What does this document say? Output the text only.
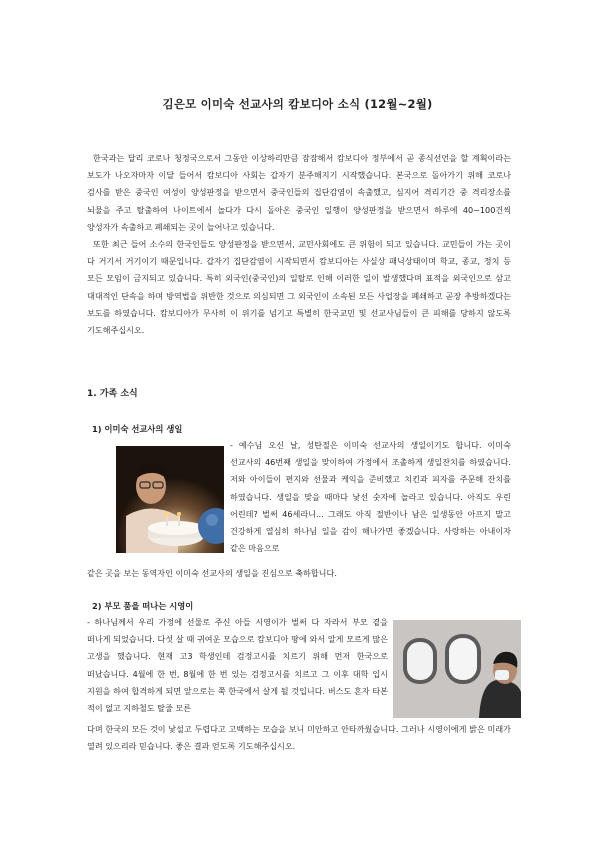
김은모 이미숙 선교사의 캄보디아 소식 (12월~2월)

한국과는 달리 코로나 청정국으로서 그동안 이상하리만큼 잠잠해서 캄보디아 정부에서 곧 종식선언을 할 계획이라는 보도가 나오자마자 이달 들어서 캄보디아 사회는 갑자기 분주해지기 시작했습니다. 본국으로 돌아가기 위해 코로나 검사를 받은 중국인 여성이 양성판정을 받으면서 중국인들의 집단감염이 속출했고, 심지어 격리기간 중 격리장소를 뇌물을 주고 탈출하여 나이트에서 놀다가 다시 돌아온 중국인 일행이 양성판정을 받으면서 하루에 40~100건씩 양성자가 속출하고 폐쇄되는 곳이 늘어나고 있습니다.

또한 최근 들어 소수의 한국인들도 양성판정을 받으면서, 교민사회에도 큰 위험이 되고 있습니다. 교민들이 가는 곳이 다 거기서 거기이기 때문입니다. 갑자기 집단감염이 시작되면서 캄보디아는 사실상 패닉상태이며 학교, 종교, 정치 등 모든 모임이 금지되고 있습니다. 특히 외국인(중국인)의 일탈로 인해 이러한 일이 발생했다며 표적을 외국인으로 삼고 대대적인 단속을 하며 방역법을 위반한 것으로 의심되면 그 외국인이 소속된 모든 사업장을 폐쇄하고 곧장 추방하겠다는 보도를 하였습니다. 캄보디아가 무사히 이 위기를 넘기고 특별히 한국교민 및 선교사님들이 큰 피해를 당하지 않도록 기도해주십시오.

1. 가족 소식
1) 이미숙 선교사의 생일

- 예수님 오신 날, 성탄절은 이미숙 선교사의 생일이기도 합니다. 이미숙 선교사의 46번째 생일을 맞이하여 가정에서 조촐하게 생일잔치를 하였습니다. 저와 아이들이 편지와 선물과 케익을 준비했고 치킨과 피자를 주문해 잔치를 하였습니다. 생일을 맞을 때마다 낯선 숫자에 놀라고 있습니다. 아직도 우린 어린데? 벌써 46세라니... 그래도 아직 절반이나 남은 일생동안 아프지 말고 건강하게 열심히 하나님 일을 감이 해나가면 좋겠습니다. 사랑하는 아내이자 같은 마음으로

같은 곳을 보는 동역자인 이미숙 선교사의 생일을 진심으로 축하합니다.

2) 부모 품을 떠나는 시영이

- 하나님께서 우리 가정에 선물로 주신 아들 시영이가 벌써 다 자라서 부모 곁을 떠나게 되었습니다. 다섯 살 때 귀여운 모습으로 캄보디아 땅에 와서 알게 모르게 많은 고생을 했습니다. 현재 고3 학생인데 검정고시를 치르기 위해 먼저 한국으로 떠났습니다. 4월에 한 번, 8월에 한 번 있는 검정고시를 치르고 그 이후 대학 입시 지원을 하여 합격하게 되면 앞으로는 쭉 한국에서 살게 될 것입니다. 버스도 혼자 타본 적이 없고 지하철도 탈줄 모른

다며 한국의 모든 것이 낯설고 두렵다고 고백하는 모습을 보니 미안하고 안타까웠습니다. 그러나 시영이에게 밝은 미래가 열려 있으리라 믿습니다. 좋은 결과 얻도록 기도해주십시오.
